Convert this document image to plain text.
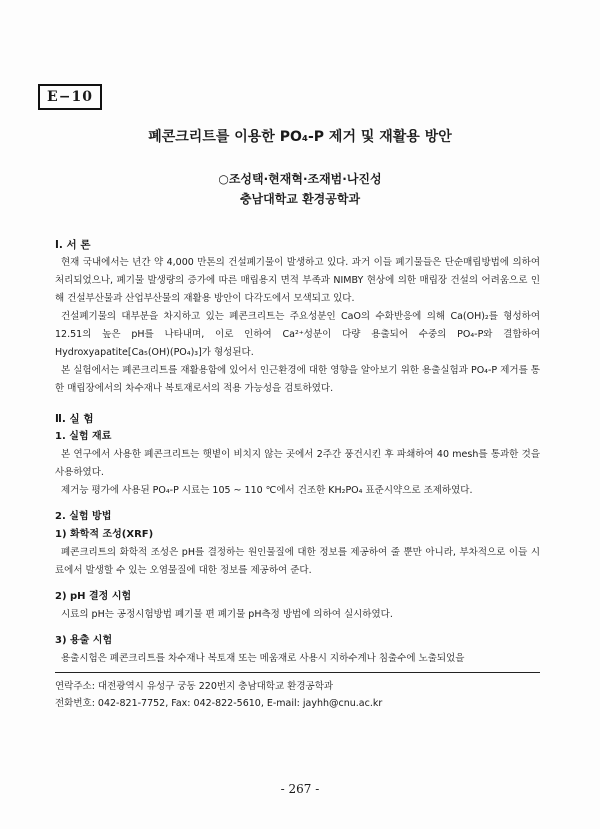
E−10
폐콘크리트를 이용한 PO₄-P 제거 및 재활용 방안
○조성택·현재혁·조재범·나진성
충남대학교 환경공학과

Ⅰ. 서 론

현재 국내에서는 년간 약 4,000 만톤의 건설폐기물이 발생하고 있다. 과거 이들 폐기물들은 단순매립방법에 의하여 처리되었으나, 폐기물 발생량의 증가에 따른 매립용지 면적 부족과 NIMBY 현상에 의한 매립장 건설의 어려움으로 인해 건설부산물과 산업부산물의 재활용 방안이 다각도에서 모색되고 있다.

건설폐기물의 대부분을 차지하고 있는 폐콘크리트는 주요성분인 CaO의 수화반응에 의해 Ca(OH)₂를 형성하여 12.51의 높은 pH를 나타내며, 이로 인하여 Ca²⁺성분이 다량 용출되어 수중의 PO₄-P와 결합하여 Hydroxyapatite[Ca₅(OH)(PO₄)₃]가 형성된다.

본 실험에서는 폐콘크리트를 재활용함에 있어서 인근환경에 대한 영향을 알아보기 위한 용출실험과 PO₄-P 제거를 통한 매립장에서의 차수재나 복토재로서의 적용 가능성을 검토하였다.

Ⅱ. 실 험

1. 실험 재료

본 연구에서 사용한 폐콘크리트는 햇볕이 비치지 않는 곳에서 2주간 풍건시킨 후 파쇄하여 40 mesh를 통과한 것을 사용하였다.

제거능 평가에 사용된 PO₄-P 시료는 105 ~ 110 ℃에서 건조한 KH₂PO₄ 표준시약으로 조제하였다.

2. 실험 방법

1) 화학적 조성(XRF)

폐콘크리트의 화학적 조성은 pH를 결정하는 원인물질에 대한 정보를 제공하여 줄 뿐만 아니라, 부차적으로 이들 시료에서 발생할 수 있는 오염물질에 대한 정보를 제공하여 준다.

2) pH 결정 시험

시료의 pH는 공정시험방법 폐기물 편 폐기물 pH측정 방법에 의하여 실시하였다.

3) 용출 시험

용출시험은 폐콘크리트를 차수재나 복토재 또는 메움재로 사용시 지하수계나 침출수에 노출되었을

연락주소: 대전광역시 유성구 궁동 220번지 충남대학교 환경공학과
전화번호: 042-821-7752, Fax: 042-822-5610, E-mail: jayhh@cnu.ac.kr
- 267 -
